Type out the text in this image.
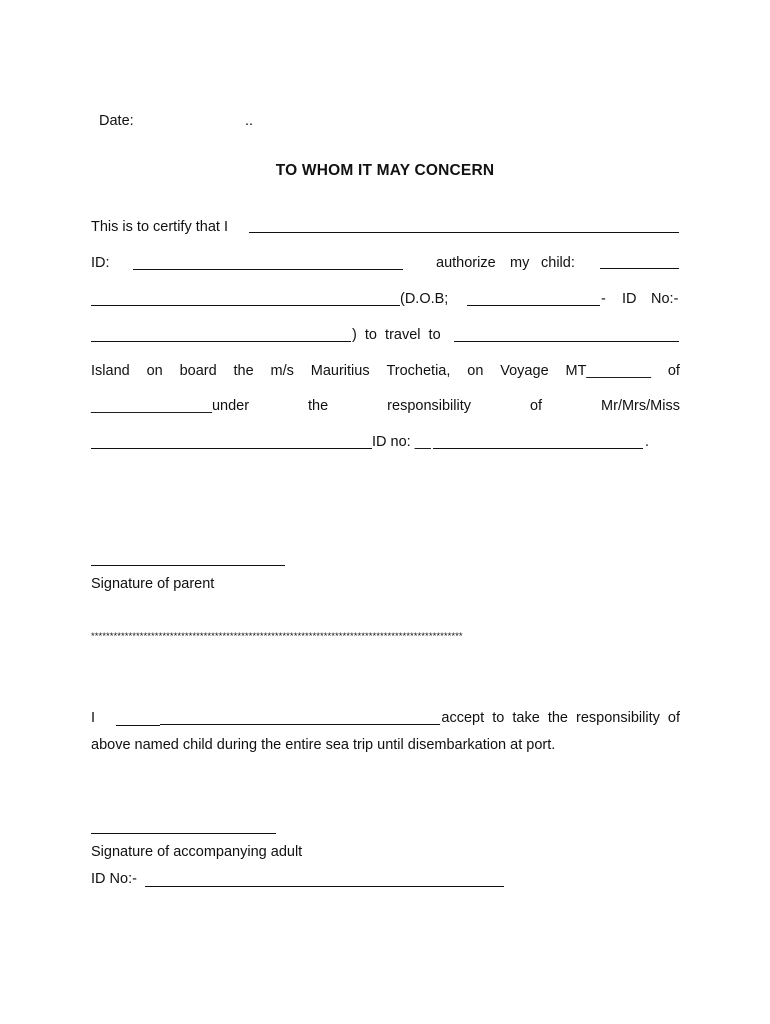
Date:	..
TO WHOM IT MAY CONCERN
This is to certify that I
ID:	authorize my child:
(D.O.B;	- ID No:-
)  to  travel  to
Island on board the m/s Mauritius Trochetia, on Voyage MT________ of
_______________under	the	responsibility	of	Mr/Mrs/Miss
ID no: __	.
Signature of parent
***************************************************************************************************
I	accept  to  take  the  responsibility  of
above named child during the entire sea trip until disembarkation at port.
Signature of accompanying adult
ID No:-
